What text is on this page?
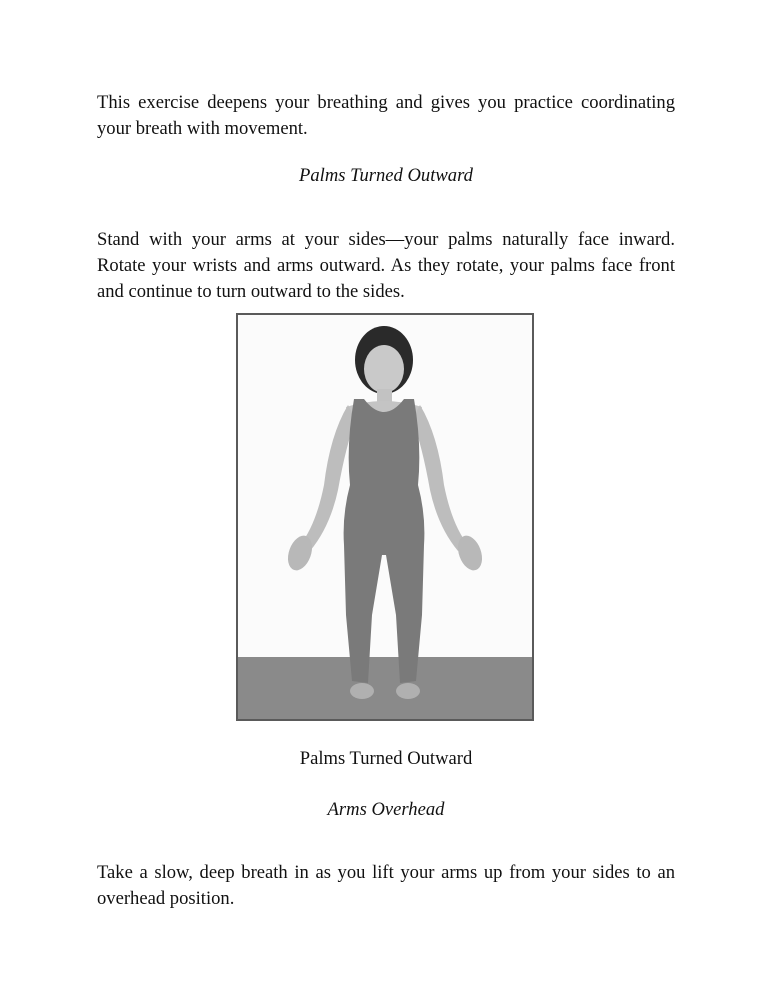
This exercise deepens your breathing and gives you practice coordinating your breath with movement.

Palms Turned Outward

Stand with your arms at your sides—your palms naturally face inward. Rotate your wrists and arms outward. As they rotate, your palms face front and continue to turn outward to the sides.

Palms Turned Outward

Arms Overhead

Take a slow, deep breath in as you lift your arms up from your sides to an overhead position.
